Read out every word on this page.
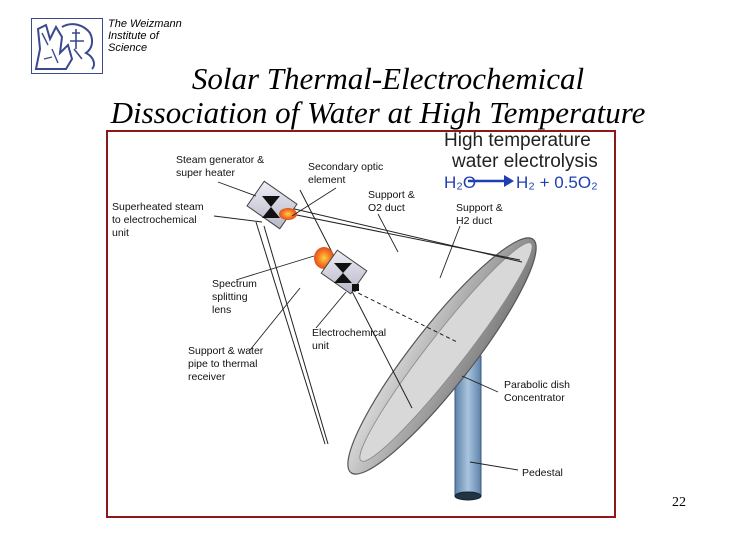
The Weizmann
Institute of
Science
Solar Thermal-Electrochemical
Dissociation of Water at High Temperature
High temperature
water electrolysis
H₂O H₂ + 0.5O₂
Steam generator &
super heater	Secondary optic
element
Support &
O2 duct	Support &
H2 duct
Superheated steam
to electrochemical
unit
Spectrum
splitting
lens
Electrochemical
unit
Support & water
pipe to thermal
receiver
Parabolic dish
Concentrator
Pedestal
22
